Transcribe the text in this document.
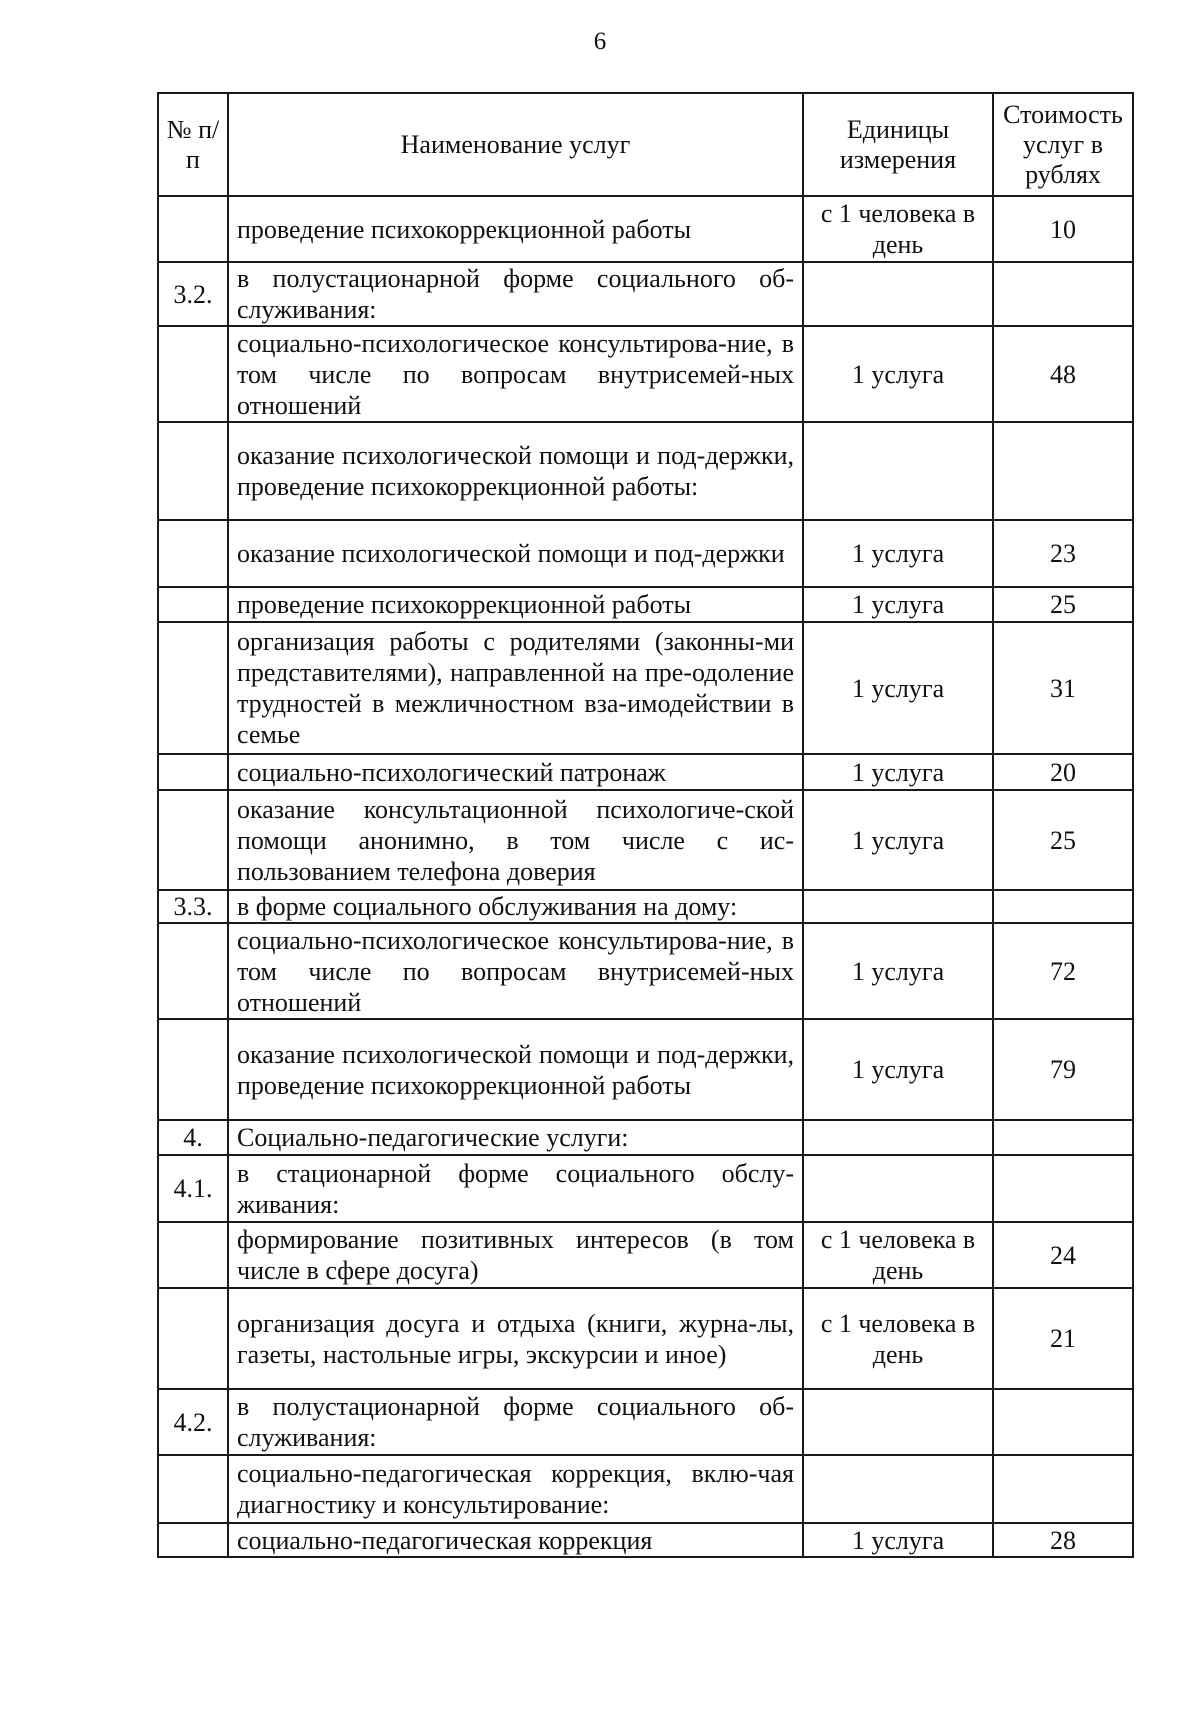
6
№ п/п	Наименование услуг	Единицы измерения	Стоимость услуг в рублях
	проведение психокоррекционной работы	с 1 человека в день	10
3.2.	в полустационарной форме социального об-служивания:		
	социально-психологическое консультирова-ние, в том числе по вопросам внутрисемей-ных отношений	1 услуга	48
	оказание психологической помощи и под-держки, проведение психокоррекционной работы:		
	оказание психологической помощи и под-держки	1 услуга	23
	проведение психокоррекционной работы	1 услуга	25
	организация работы с родителями (законны-ми представителями), направленной на пре-одоление трудностей в межличностном вза-имодействии в семье	1 услуга	31
	социально-психологический патронаж	1 услуга	20
	оказание консультационной психологиче-ской помощи анонимно, в том числе с ис-пользованием телефона доверия	1 услуга	25
3.3.	в форме социального обслуживания на дому:		
	социально-психологическое консультирова-ние, в том числе по вопросам внутрисемей-ных отношений	1 услуга	72
	оказание психологической помощи и под-держки, проведение психокоррекционной работы	1 услуга	79
4.	Социально-педагогические услуги:		
4.1.	в стационарной форме социального обслу-живания:		
	формирование позитивных интересов (в том числе в сфере досуга)	с 1 человека в день	24
	организация досуга и отдыха (книги, журна-лы, газеты, настольные игры, экскурсии и иное)	с 1 человека в день	21
4.2.	в полустационарной форме социального об-служивания:		
	социально-педагогическая коррекция, вклю-чая диагностику и консультирование:		
	социально-педагогическая коррекция	1 услуга	28
